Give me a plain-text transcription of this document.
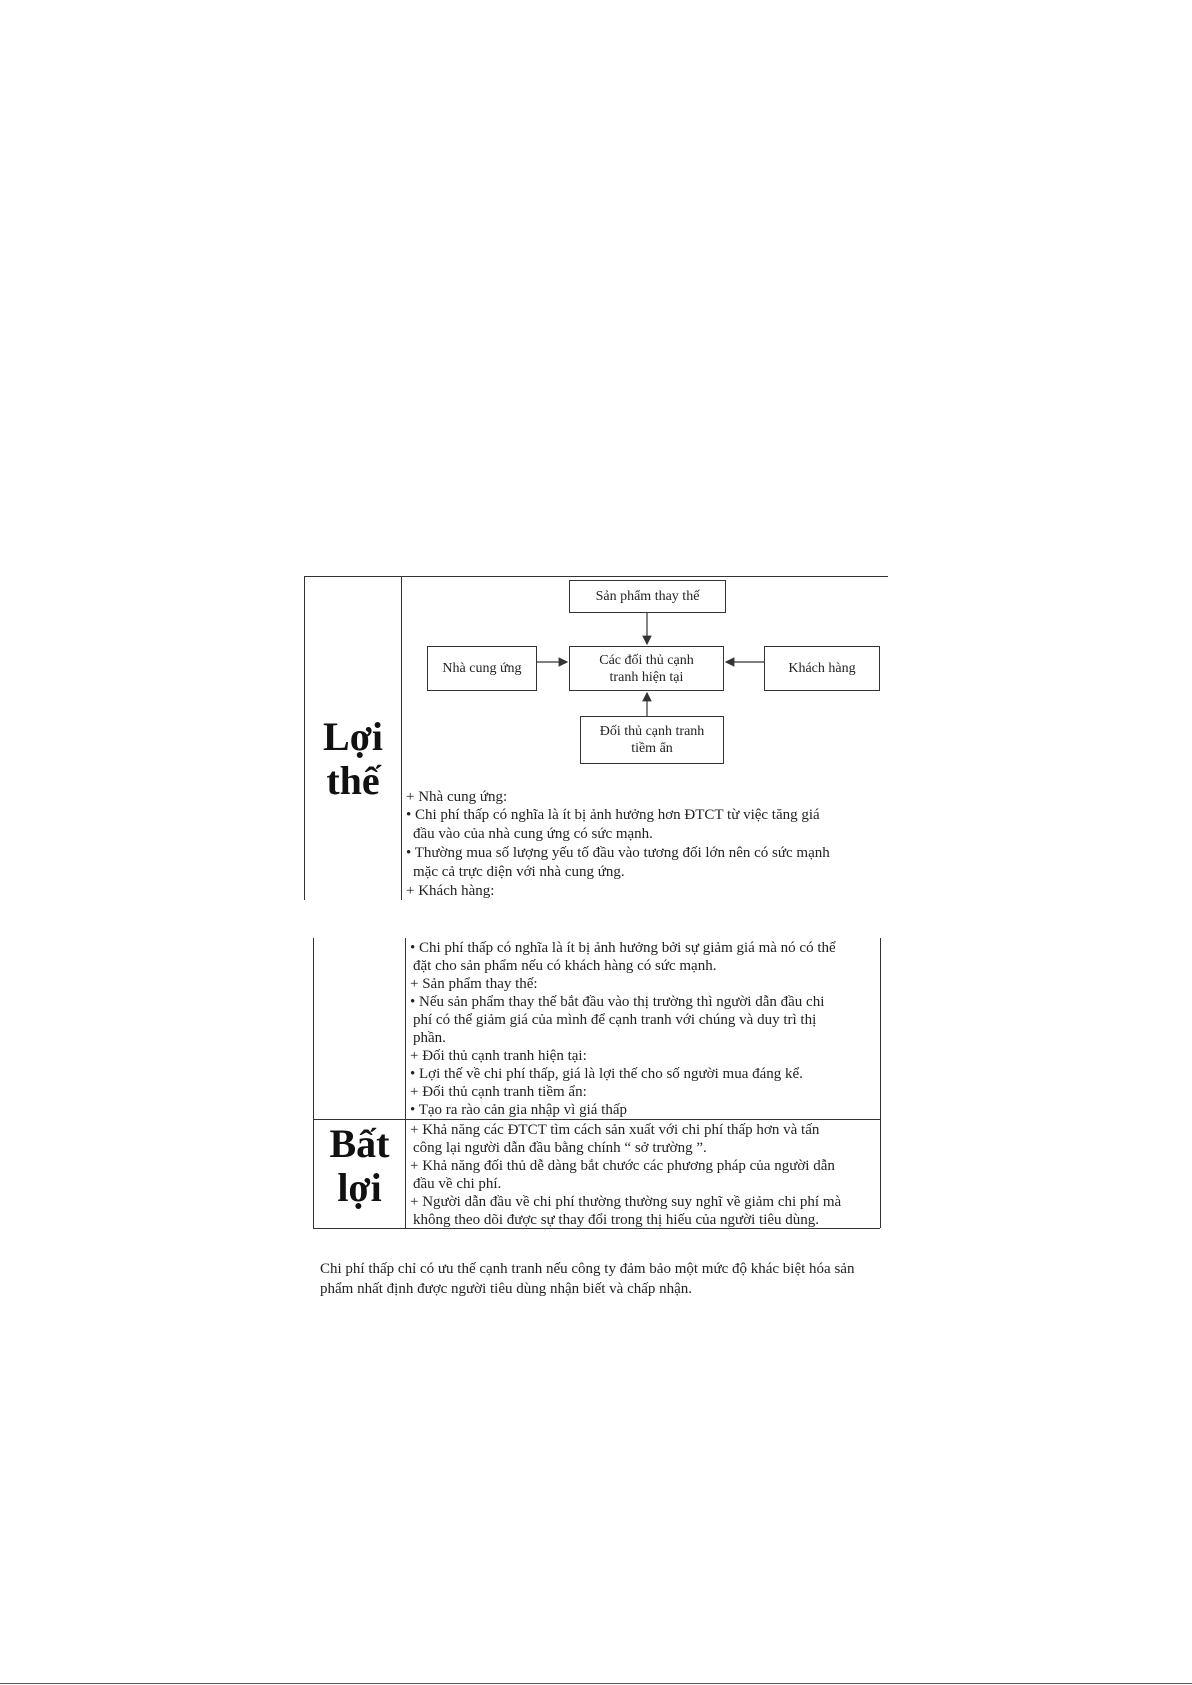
Lợi
thế
Sản phẩm thay thế
Nhà cung ứng
Các đối thủ cạnh
tranh hiện tại
Khách hàng
Đối thủ cạnh tranh
tiềm ẩn
+ Nhà cung ứng:
• Chi phí thấp có nghĩa là ít bị ảnh hưởng hơn ĐTCT từ việc tăng giá
đầu vào của nhà cung ứng có sức mạnh.
• Thường mua số lượng yếu tố đầu vào tương đối lớn nên có sức mạnh
mặc cả trực diện với nhà cung ứng.
+ Khách hàng:
• Chi phí thấp có nghĩa là ít bị ảnh hưởng bởi sự giảm giá mà nó có thể
đặt cho sản phẩm nếu có khách hàng có sức mạnh.
+ Sản phẩm thay thế:
• Nếu sản phẩm thay thế bắt đầu vào thị trường thì người dẫn đầu chi
phí có thể giảm giá của mình để cạnh tranh với chúng và duy trì thị
phần.
+ Đối thủ cạnh tranh hiện tại:
• Lợi thế về chi phí thấp, giá là lợi thế cho số người mua đáng kể.
+ Đối thủ cạnh tranh tiềm ẩn:
• Tạo ra rào cản gia nhập vì giá thấp
Bất
lợi
+ Khả năng các ĐTCT tìm cách sản xuất với chi phí thấp hơn và tấn
công lại người dẫn đầu bằng chính “ sở trường ”.
+ Khả năng đối thủ dễ dàng bắt chước các phương pháp của người dẫn
đầu về chi phí.
+ Người dẫn đầu về chi phí thường thường suy nghĩ về giảm chi phí mà
không theo dõi được sự thay đổi trong thị hiếu của người tiêu dùng.
Chi phí thấp chỉ có ưu thế cạnh tranh nếu công ty đảm bảo một mức độ khác biệt hóa sản
phẩm nhất định được người tiêu dùng nhận biết và chấp nhận.
